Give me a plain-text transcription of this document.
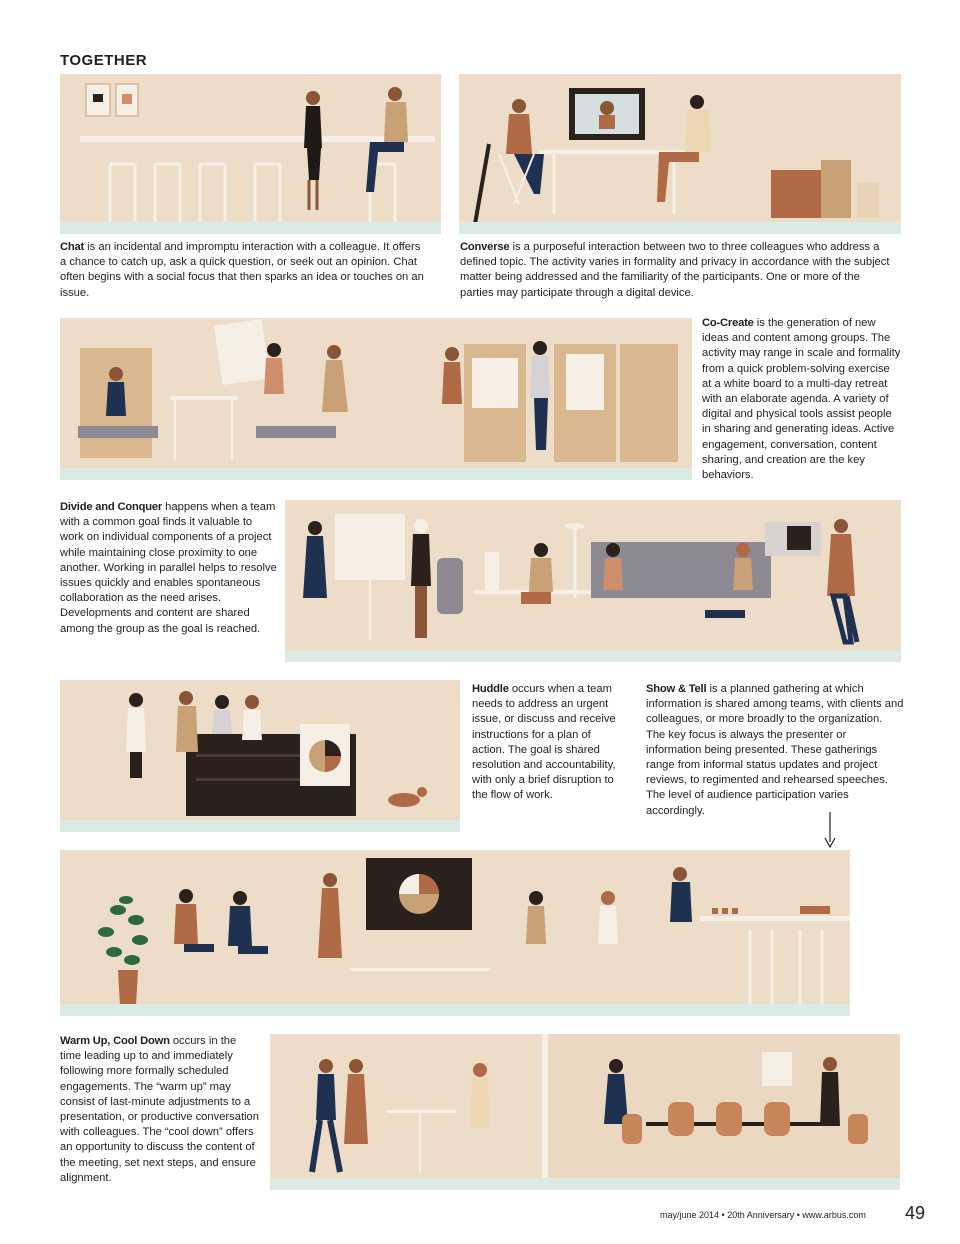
TOGETHER
Chat is an incidental and impromptu interaction with a colleague. It offers a chance to catch up, ask a quick question, or seek out an opinion. Chat often begins with a social focus that then sparks an idea or touches on an issue.
Converse is a purposeful interaction between two to three colleagues who address a defined topic. The activity varies in formality and privacy in accordance with the subject matter being addressed and the familiarity of the participants. One or more of the parties may participate through a digital device.
Co-Create is the generation of new ideas and content among groups. The activity may range in scale and formality from a quick problem-solving exercise at a white board to a multi-day retreat with an elaborate agenda. A variety of digital and physical tools assist people in sharing and generating ideas. Active engagement, conversation, content sharing, and creation are the key behaviors.
Divide and Conquer happens when a team with a common goal finds it valuable to work on individual components of a project while maintaining close proximity to one another. Working in parallel helps to resolve issues quickly and enables spontaneous collaboration as the need arises. Developments and content are shared among the group as the goal is reached.
Huddle occurs when a team needs to address an urgent issue, or discuss and receive instructions for a plan of action. The goal is shared resolution and accountability, with only a brief disruption to the flow of work.
Show & Tell is a planned gathering at which information is shared among teams, with clients and colleagues, or more broadly to the organization. The key focus is always the presenter or information being presented. These gatherings range from informal status updates and project reviews, to regimented and rehearsed speeches. The level of audience participation varies accordingly.
Warm Up, Cool Down occurs in the time leading up to and immediately following more formally scheduled engagements. The “warm up” may consist of last-minute adjustments to a presentation, or productive conversation with colleagues. The “cool down” offers an opportunity to discuss the content of the meeting, set next steps, and ensure alignment.
may/june 2014 • 20th Anniversary • www.arbus.com 49
